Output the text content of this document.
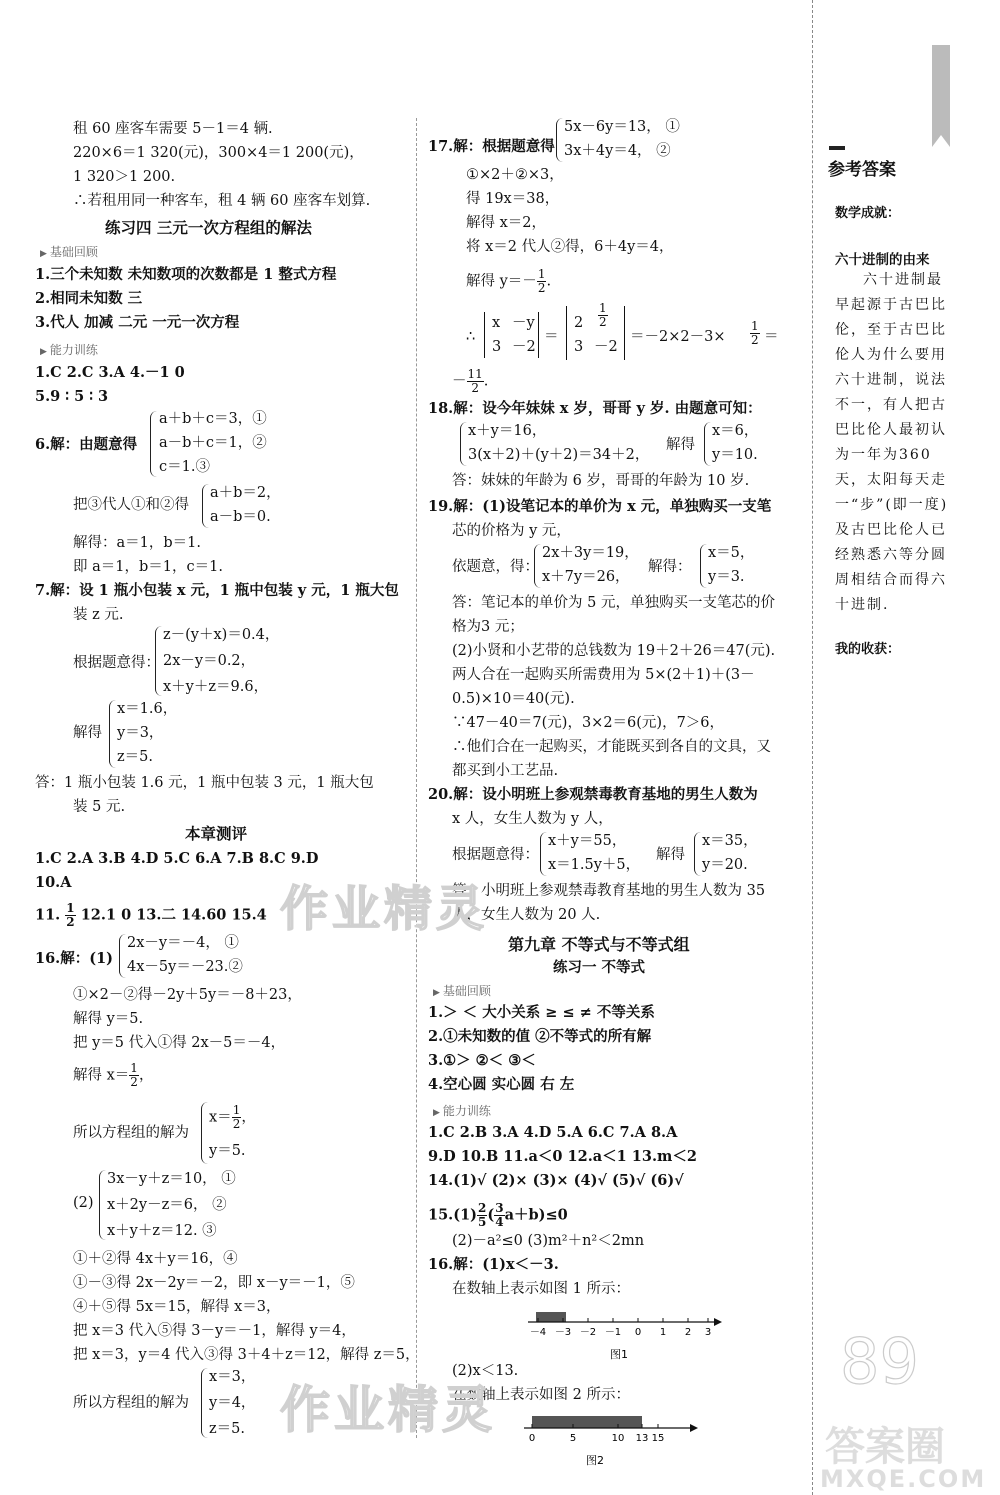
租 60 座客车需要 5－1＝4 辆.
220×6＝1 320(元)，300×4＝1 200(元)，
1 320＞1 200.
∴若租用同一种客车，租 4 辆 60 座客车划算.
练习四 三元一次方程组的解法
▶ 基础回顾
1.三个未知数 未知数项的次数都是 1 整式方程
2.相同未知数 三
3.代人 加减 二元 一元一次方程
▶ 能力训练
1.C 2.C 3.A 4.－1 0
5.9 ∶ 5 ∶ 3
6.解：由题意得
a＋b＋c＝3，①
a－b＋c＝1，②
c＝1.③
把③代人①和②得
a＋b＝2，
a－b＝0.
解得：a＝1，b＝1.
即 a＝1，b＝1，c＝1.
7.解：设 1 瓶小包装 x 元，1 瓶中包装 y 元，1 瓶大包
装 z 元.
根据题意得：
z－(y＋x)＝0.4，
2x－y＝0.2，
x＋y＋z＝9.6，
解得
x＝1.6，
y＝3，
z＝5.
答：1 瓶小包装 1.6 元，1 瓶中包装 3 元，1 瓶大包
装 5 元.
本章测评
1.C 2.A 3.B 4.D 5.C 6.A 7.B 8.C 9.D
10.A
11. $\frac{1}{2} 12.1$ 0 13.二 14.60 15.4
16.解：(1)
2x－y＝－4， ①
4x－5y＝－23.②
①×2－②得－2y＋5y＝－8＋23，
解得 y＝5.
把 y＝5 代入①得 2x－5＝－4，
解得 $x= \frac{1}{2}$ ，
所以方程组的解为
$x= \frac{1}{2}$ ，
y＝5.
(2)
3x－y＋z＝10， ①
x＋2y－z＝6， ②
x＋y＋z＝12. ③
①＋②得 4x＋y＝16，④
①－③得 2x－2y＝－2，即 x－y＝－1，⑤
④＋⑤得 5x＝15，解得 x＝3，
把 x＝3 代入⑤得 3－y＝－1，解得 y＝4，
把 x＝3，y＝4 代入③得 3＋4＋z＝12，解得 z＝5，
所以方程组的解为
x＝3，
y＝4，
z＝5.
17.解：根据题意得
5x－6y＝13， ①
3x＋4y＝4， ②
①×2＋②×3，
得 19x＝38，
解得 x＝2，
将 x＝2 代人②得，6＋4y＝4，
解得 $y=- \frac{1}{2}$ .
∴
x －y
3 －2
＝
$2 \frac{1}{2}$
3 －2
$=-2\times 2-3\times \frac{1}{2}$ ＝
－ $\frac{11}{2}$ .
18.解：设今年妹妹 x 岁，哥哥 y 岁. 由题意可知：
x＋y＝16，
3(x＋2)＋(y＋2)＝34＋2，
解得
x＝6，
y＝10.
答：妹妹的年龄为 6 岁，哥哥的年龄为 10 岁.
19.解：(1)设笔记本的单价为 x 元，单独购买一支笔
芯的价格为 y 元，
依题意，得：
2x＋3y＝19，
x＋7y＝26，
解得：
x＝5，
y＝3.
答：笔记本的单价为 5 元，单独购买一支笔芯的价
格为3 元；
(2)小贤和小艺带的总钱数为 19＋2＋26＝47(元).
两人合在一起购买所需费用为 5×(2＋1)＋(3－
0.5)×10＝40(元).
∵47－40＝7(元)，3×2＝6(元)，7＞6，
∴他们合在一起购买，才能既买到各自的文具，又
都买到小工艺品.
20.解：设小明班上参观禁毒教育基地的男生人数为
x 人，女生人数为 y 人，
根据题意得：
x＋y＝55，
x＝1.5y＋5，
解得
x＝35，
y＝20.
答：小明班上参观禁毒教育基地的男生人数为 35
人，女生人数为 20 人.
第九章 不等式与不等式组
练习一 不等式
▶ 基础回顾
1.＞ ＜ 大小关系 ≥ ≤ ≠ 不等关系
2.①未知数的值 ②不等式的所有解
3.①＞ ②＜ ③＜
4.空心圆 实心圆 右 左
▶ 能力训练
1.C 2.B 3.A 4.D 5.A 6.C 7.A 8.A
9.D 10.B 11.a＜0 12.a＜1 13.m＜2
14.(1)√ (2)× (3)× (4)√ (5)√ (6)√
$15.(1) \frac{2}{5}$ ( $\frac{3}{4} a+b)\le 0$
(2)－a²≤0 (3)m²＋n²＜2mn
16.解：(1)x＜－3.
在数轴上表示如图 1 所示：
－4 －3 －2 －1 0 1 2 3
图1
(2)x＜13.
在数轴上表示如图 2 所示：
0	5	10 13 15
图2
参考答案
数学成就：
六十进制的由来
六十进制最早起源于古巴比伦，至于古巴比伦人为什么要用六十进制，说法不一，有人把古巴比伦人最初认为一年为360天，太阳每天走一“步”(即一度)及古巴比伦人已经熟悉六等分圆周相结合而得六十进制.
我的收获：
89
作业精灵
作业精灵
答案圈
MXQE.COM
